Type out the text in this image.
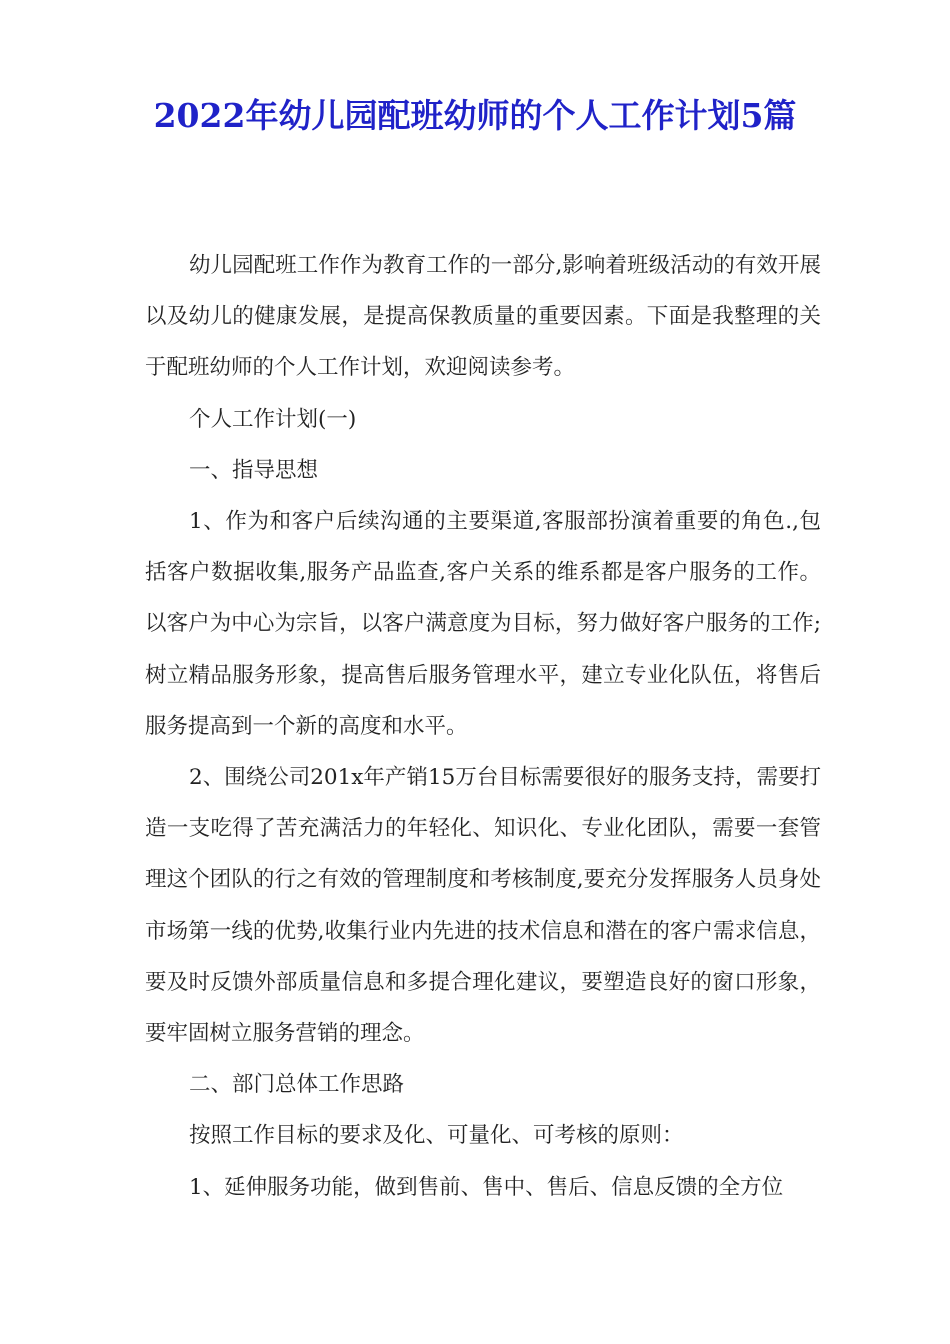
2022年幼儿园配班幼师的个人工作计划5篇

幼儿园配班工作作为教育工作的一部分,影响着班级活动的有效开展以及幼儿的健康发展，是提高保教质量的重要因素。下面是我整理的关于配班幼师的个人工作计划，欢迎阅读参考。

个人工作计划(一)

一、指导思想

1、作为和客户后续沟通的主要渠道,客服部扮演着重要的角色.,包括客户数据收集,服务产品监查,客户关系的维系都是客户服务的工作。以客户为中心为宗旨，以客户满意度为目标，努力做好客户服务的工作;树立精品服务形象，提高售后服务管理水平，建立专业化队伍，将售后服务提高到一个新的高度和水平。

2、围绕公司201x年产销15万台目标需要很好的服务支持，需要打造一支吃得了苦充满活力的年轻化、知识化、专业化团队，需要一套管理这个团队的行之有效的管理制度和考核制度,要充分发挥服务人员身处市场第一线的优势,收集行业内先进的技术信息和潜在的客户需求信息，要及时反馈外部质量信息和多提合理化建议，要塑造良好的窗口形象，要牢固树立服务营销的理念。

二、部门总体工作思路

按照工作目标的要求及化、可量化、可考核的原则：

1、延伸服务功能，做到售前、售中、售后、信息反馈的全方位
